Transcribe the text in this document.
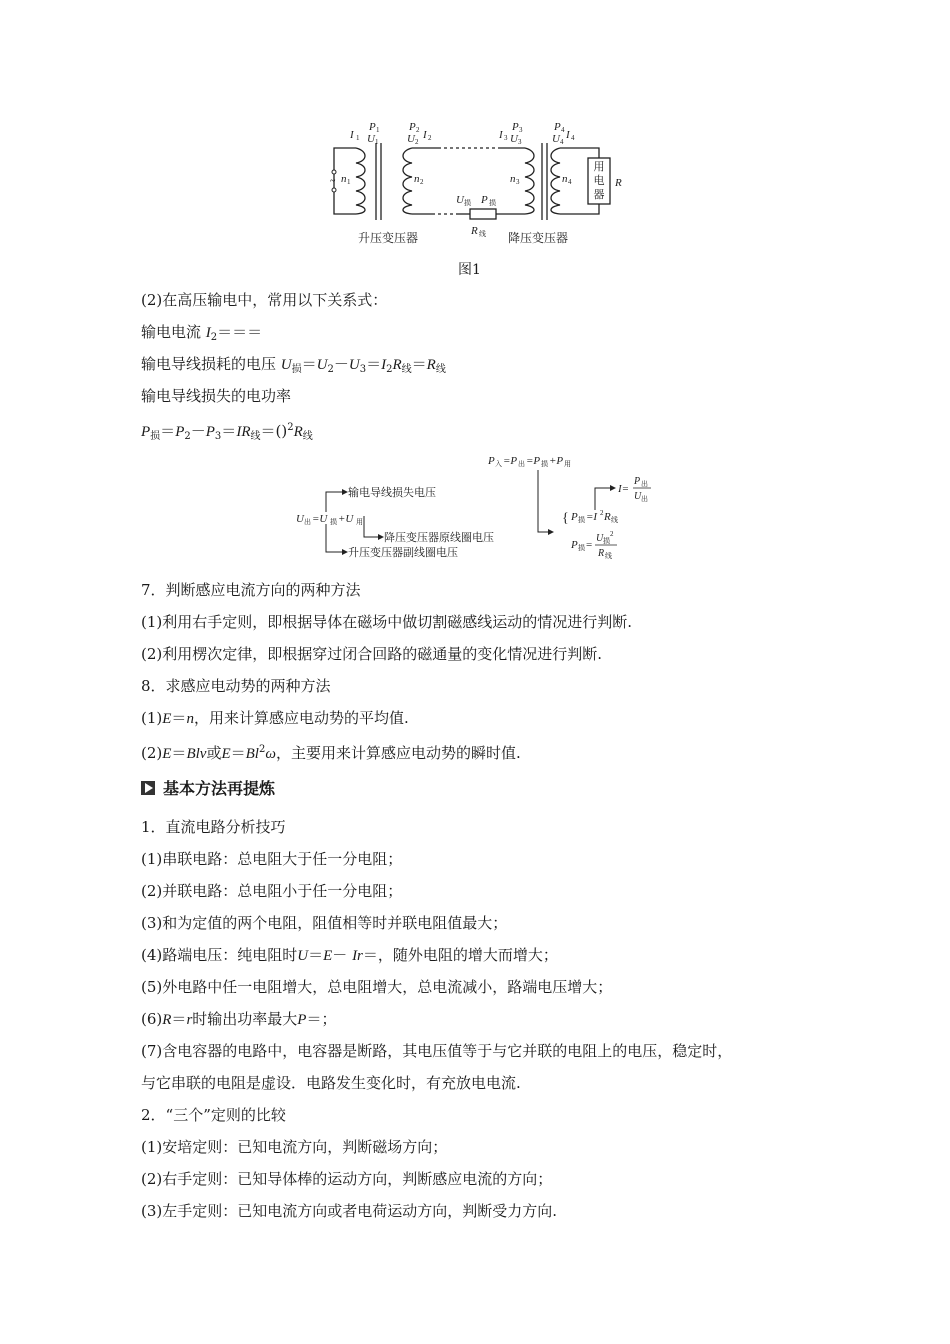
~
I 1
P 1
U 1
P 2
U 2
I 2	I 3
P 3
U 3
P 4
U 4
I 4
n 1	n 2	n 3	n 4
U 损 P 损
R 线
R
用
电
器
升压变压器	降压变压器
图1
(2)在高压输电中，常用以下关系式：
输电电流 $I_2===$
输电导线损耗的电压 $U_损=U_2-U_3=I_2R_线=R_线$
输电导线损失的电功率
$P_损=P_2-P_3=IR_线=()^2R_线$
输电导线损失电压
降压变压器原线圈电压
升压变压器副线圈电压
U 出 =U 损 +U 用
P 入 =P 出 =P 损 +P 用
I=
P 出
U 出
{ P 损 =I 2 R 线
P 损 =
U 损
2
R 线
7．判断感应电流方向的两种方法
(1)利用右手定则，即根据导体在磁场中做切割磁感线运动的情况进行判断.
(2)利用楞次定律，即根据穿过闭合回路的磁通量的变化情况进行判断.
8．求感应电动势的两种方法
(1)E＝n，用来计算感应电动势的平均值.
(2)E＝Blv或$E=Bl^2\omega$，主要用来计算感应电动势的瞬时值.
基本方法再提炼
1．直流电路分析技巧
(1)串联电路：总电阻大于任一分电阻；
(2)并联电路：总电阻小于任一分电阻；
(3)和为定值的两个电阻，阻值相等时并联电阻值最大；
(4)路端电压：纯电阻时U＝E－ Ir＝，随外电阻的增大而增大；
(5)外电路中任一电阻增大，总电阻增大，总电流减小，路端电压增大；
(6)R＝r时输出功率最大P＝；
(7)含电容器的电路中，电容器是断路，其电压值等于与它并联的电阻上的电压，稳定时，
与它串联的电阻是虚设．电路发生变化时，有充放电电流.
2．“三个”定则的比较
(1)安培定则：已知电流方向，判断磁场方向；
(2)右手定则：已知导体棒的运动方向，判断感应电流的方向；
(3)左手定则：已知电流方向或者电荷运动方向，判断受力方向.
